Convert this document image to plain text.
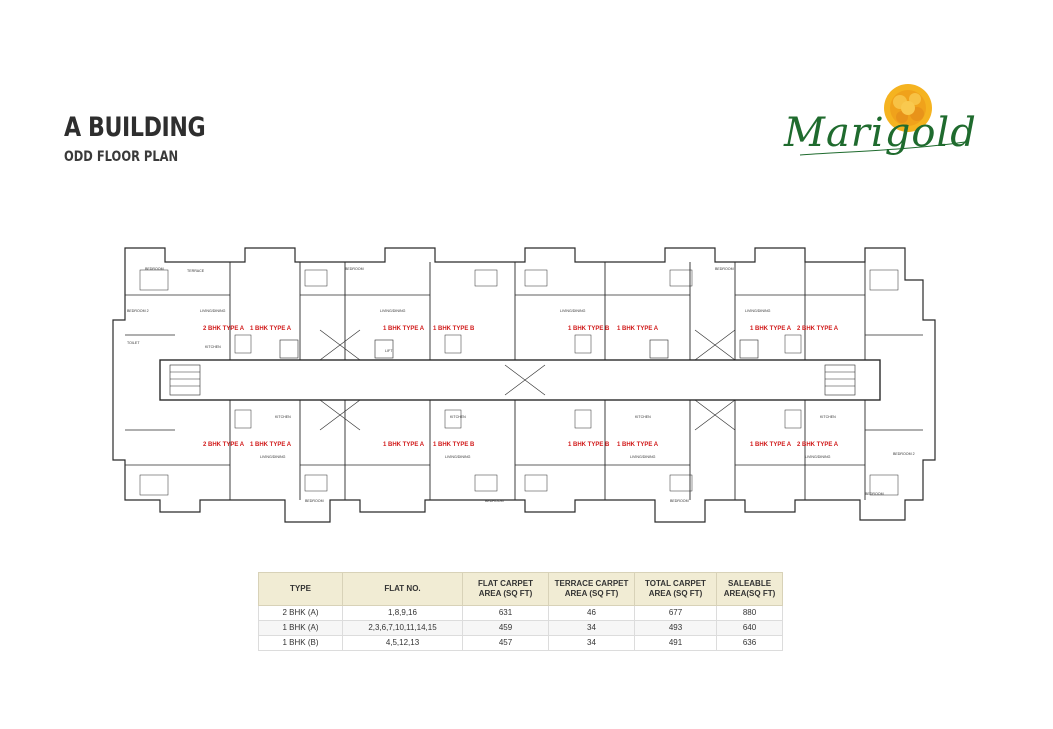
A BUILDING
ODD FLOOR PLAN
Marigold
BEDROOM	TERRACE
BEDROOM 2
TOILET
LIVING/DINING
KITCHEN
BEDROOM
LIVING/DINING
LIFT
LIVING/DINING
BEDROOM
LIVING/DINING
BEDROOM 2
BEDROOM
KITCHEN
LIVING/DINING
BEDROOM
KITCHEN
LIVING/DINING
BEDROOM
KITCHEN
LIVING/DINING
BEDROOM
KITCHEN
LIVING/DINING
2 BHK TYPE A 1 BHK TYPE A	1 BHK TYPE A 1 BHK TYPE B	1 BHK TYPE B 1 BHK TYPE A	1 BHK TYPE A 2 BHK TYPE A
2 BHK TYPE A 1 BHK TYPE A	1 BHK TYPE A 1 BHK TYPE B	1 BHK TYPE B 1 BHK TYPE A	1 BHK TYPE A 2 BHK TYPE A
TYPE	FLAT NO.	FLAT CARPET AREA (SQ FT)	TERRACE CARPET AREA (SQ FT)	TOTAL CARPET AREA (SQ FT)	SALEABLE AREA(SQ FT)
2 BHK (A)	1,8,9,16	631	46	677	880
1 BHK (A)	2,3,6,7,10,11,14,15	459	34	493	640
1 BHK (B)	4,5,12,13	457	34	491	636
